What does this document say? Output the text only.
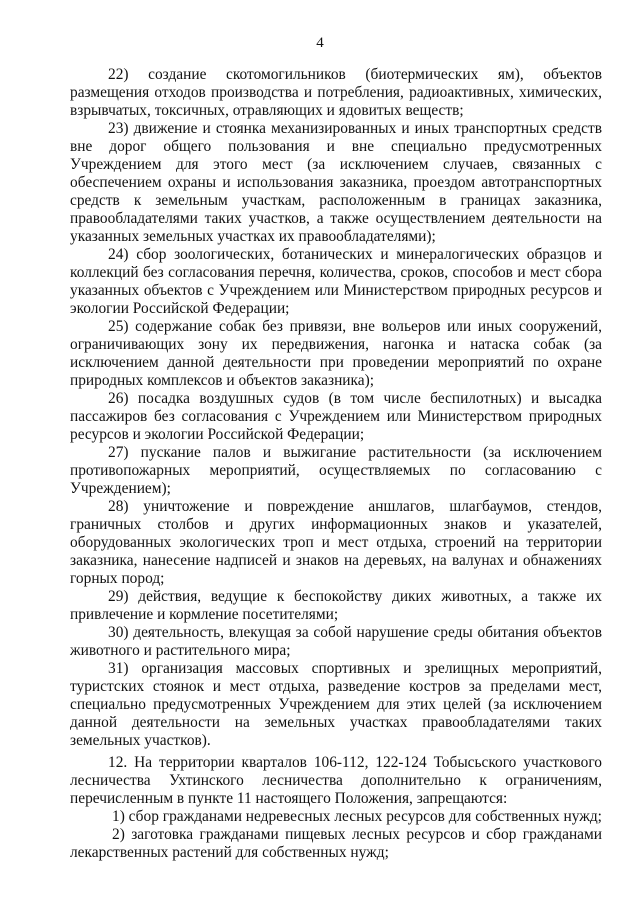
4

22) создание скотомогильников (биотермических ям), объектов размещения отходов производства и потребления, радиоактивных, химических, взрывчатых, токсичных, отравляющих и ядовитых веществ;

23) движение и стоянка механизированных и иных транспортных средств вне дорог общего пользования и вне специально предусмотренных Учреждением для этого мест (за исключением случаев, связанных с обеспечением охраны и использования заказника, проездом автотранспортных средств к земельным участкам, расположенным в границах заказника, правообладателями таких участков, а также осуществлением деятельности на указанных земельных участках их правообладателями);

24) сбор зоологических, ботанических и минералогических образцов и коллекций без согласования перечня, количества, сроков, способов и мест сбора указанных объектов с Учреждением или Министерством природных ресурсов и экологии Российской Федерации;

25) содержание собак без привязи, вне вольеров или иных сооружений, ограничивающих зону их передвижения, нагонка и натаска собак (за исключением данной деятельности при проведении мероприятий по охране природных комплексов и объектов заказника);

26) посадка воздушных судов (в том числе беспилотных) и высадка пассажиров без согласования с Учреждением или Министерством природных ресурсов и экологии Российской Федерации;

27) пускание палов и выжигание растительности (за исключением противопожарных мероприятий, осуществляемых по согласованию с Учреждением);

28) уничтожение и повреждение аншлагов, шлагбаумов, стендов, граничных столбов и других информационных знаков и указателей, оборудованных экологических троп и мест отдыха, строений на территории заказника, нанесение надписей и знаков на деревьях, на валунах и обнажениях горных пород;

29) действия, ведущие к беспокойству диких животных, а также их привлечение и кормление посетителями;

30) деятельность, влекущая за собой нарушение среды обитания объектов животного и растительного мира;

31) организация массовых спортивных и зрелищных мероприятий, туристских стоянок и мест отдыха, разведение костров за пределами мест, специально предусмотренных Учреждением для этих целей (за исключением данной деятельности на земельных участках правообладателями таких земельных участков).

12. На территории кварталов 106-112, 122-124 Тобысьского участкового лесничества Ухтинского лесничества дополнительно к ограничениям, перечисленным в пункте 11 настоящего Положения, запрещаются:

1) сбор гражданами недревесных лесных ресурсов для собственных нужд;

2) заготовка гражданами пищевых лесных ресурсов и сбор гражданами лекарственных растений для собственных нужд;
